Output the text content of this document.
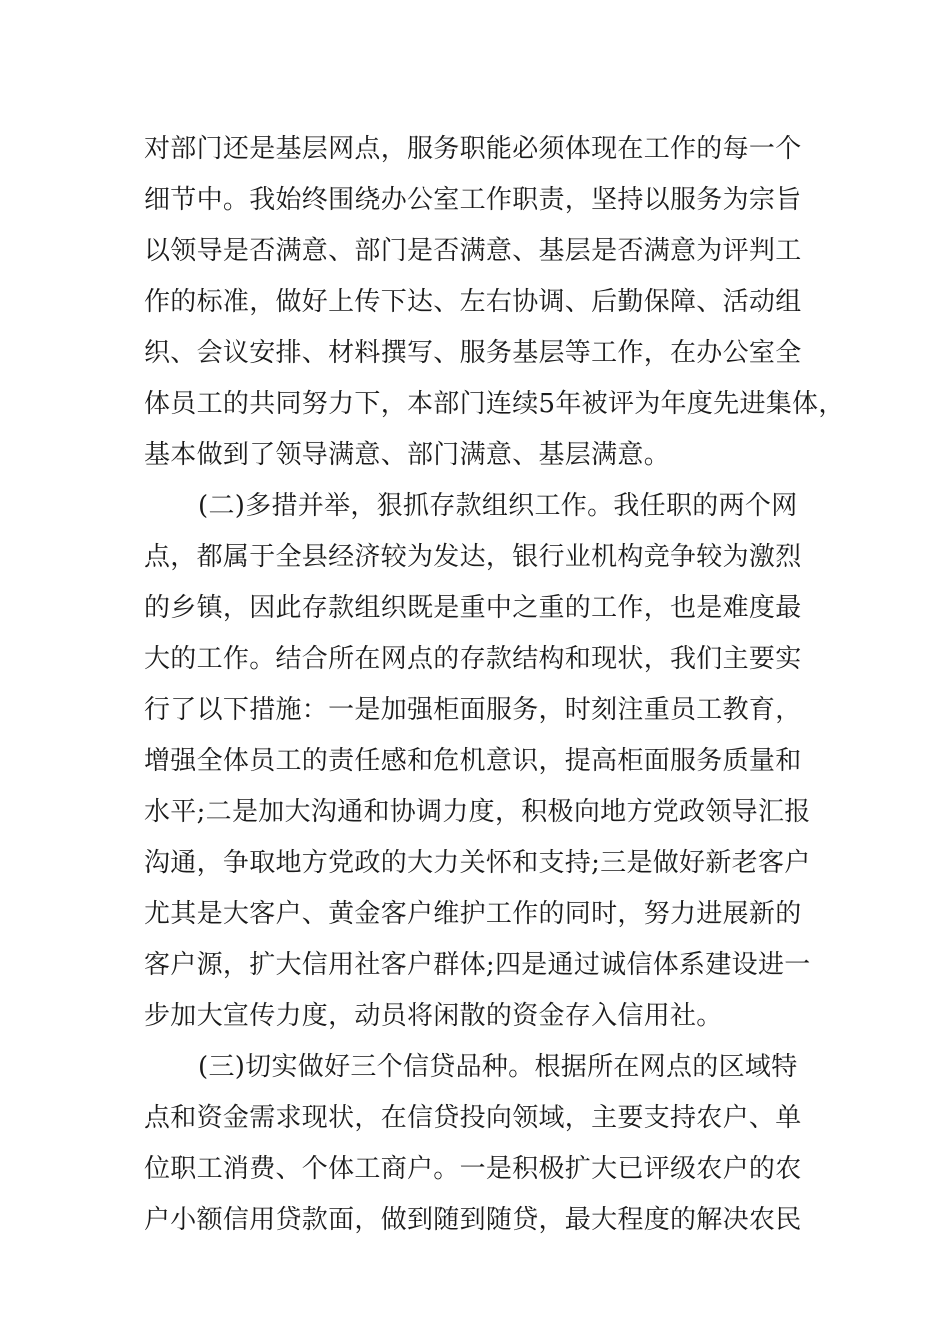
对部门还是基层网点，服务职能必须体现在工作的每一个
细节中。我始终围绕办公室工作职责，坚持以服务为宗旨
以领导是否满意、部门是否满意、基层是否满意为评判工
作的标准，做好上传下达、左右协调、后勤保障、活动组
织、会议安排、材料撰写、服务基层等工作，在办公室全
体员工的共同努力下，本部门连续5年被评为年度先进集体，
基本做到了领导满意、部门满意、基层满意。
(二)多措并举，狠抓存款组织工作。我任职的两个网
点，都属于全县经济较为发达，银行业机构竞争较为激烈
的乡镇，因此存款组织既是重中之重的工作，也是难度最
大的工作。结合所在网点的存款结构和现状，我们主要实
行了以下措施：一是加强柜面服务，时刻注重员工教育，
增强全体员工的责任感和危机意识，提高柜面服务质量和
水平;二是加大沟通和协调力度，积极向地方党政领导汇报
沟通，争取地方党政的大力关怀和支持;三是做好新老客户
尤其是大客户、黄金客户维护工作的同时，努力进展新的
客户源，扩大信用社客户群体;四是通过诚信体系建设进一
步加大宣传力度，动员将闲散的资金存入信用社。
(三)切实做好三个信贷品种。根据所在网点的区域特
点和资金需求现状，在信贷投向领域，主要支持农户、单
位职工消费、个体工商户。一是积极扩大已评级农户的农
户小额信用贷款面，做到随到随贷，最大程度的解决农民
